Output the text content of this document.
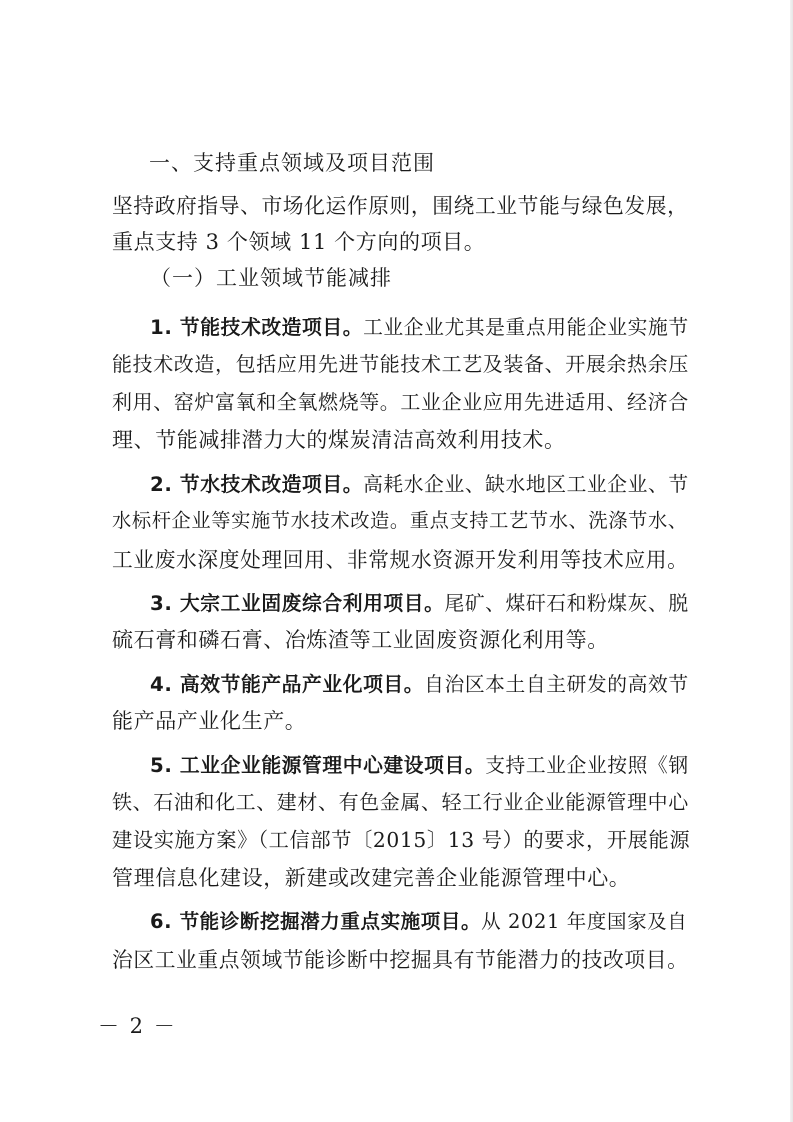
一、支持重点领域及项目范围
坚持政府指导、市场化运作原则，围绕工业节能与绿色发展，
重点支持 3 个领域 11 个方向的项目。
（一）工业领域节能减排
1. 节能技术改造项目。工业企业尤其是重点用能企业实施节
能技术改造，包括应用先进节能技术工艺及装备、开展余热余压
利用、窑炉富氧和全氧燃烧等。工业企业应用先进适用、经济合
理、节能减排潜力大的煤炭清洁高效利用技术。
2. 节水技术改造项目。高耗水企业、缺水地区工业企业、节
水标杆企业等实施节水技术改造。重点支持工艺节水、洗涤节水、
工业废水深度处理回用、非常规水资源开发利用等技术应用。
3. 大宗工业固废综合利用项目。尾矿、煤矸石和粉煤灰、脱
硫石膏和磷石膏、冶炼渣等工业固废资源化利用等。
4. 高效节能产品产业化项目。自治区本土自主研发的高效节
能产品产业化生产。
5. 工业企业能源管理中心建设项目。支持工业企业按照《钢
铁、石油和化工、建材、有色金属、轻工行业企业能源管理中心
建设实施方案》（工信部节〔2015〕13 号）的要求，开展能源
管理信息化建设，新建或改建完善企业能源管理中心。
6. 节能诊断挖掘潜力重点实施项目。从 2021 年度国家及自
治区工业重点领域节能诊断中挖掘具有节能潜力的技改项目。
－ 2 －
